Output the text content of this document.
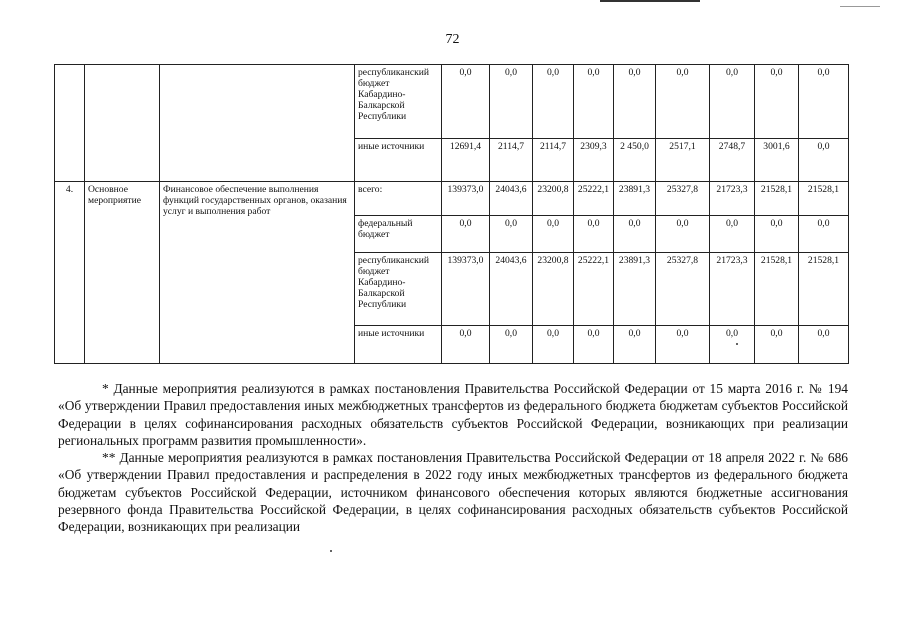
72
			республиканский бюджет Кабардино-Балкарской Республики	0,0	0,0	0,0	0,0	0,0	0,0	0,0	0,0	0,0
			иные источники	12691,4	2114,7	2114,7	2309,3	2 450,0	2517,1	2748,7	3001,6	0,0
4.	Основное мероприятие	Финансовое обеспечение выполнения функций государственных органов, оказания услуг и выполнения работ	всего:	139373,0	24043,6	23200,8	25222,1	23891,3	25327,8	21723,3	21528,1	21528,1
			федеральный бюджет	0,0	0,0	0,0	0,0	0,0	0,0	0,0	0,0	0,0
			республиканский бюджет Кабардино-Балкарской Республики	139373,0	24043,6	23200,8	25222,1	23891,3	25327,8	21723,3	21528,1	21528,1
			иные источники	0,0	0,0	0,0	0,0	0,0	0,0	0,0	0,0	0,0

* Данные мероприятия реализуются в рамках постановления Правительства Российской Федерации от 15 марта 2016 г. № 194 «Об утверждении Правил предоставления иных межбюджетных трансфертов из федерального бюджета бюджетам субъектов Российской Федерации в целях софинансирования расходных обязательств субъектов Российской Федерации, возникающих при реализации региональных программ развития промышленности».

** Данные мероприятия реализуются в рамках постановления Правительства Российской Федерации от 18 апреля 2022 г. № 686 «Об утверждении Правил предоставления и распределения в 2022 году иных межбюджетных трансфертов из федерального бюджета бюджетам субъектов Российской Федерации, источником финансового обеспечения которых являются бюджетные ассигнования резервного фонда Правительства Российской Федерации, в целях софинансирования расходных обязательств субъектов Российской Федерации, возникающих при реализации
